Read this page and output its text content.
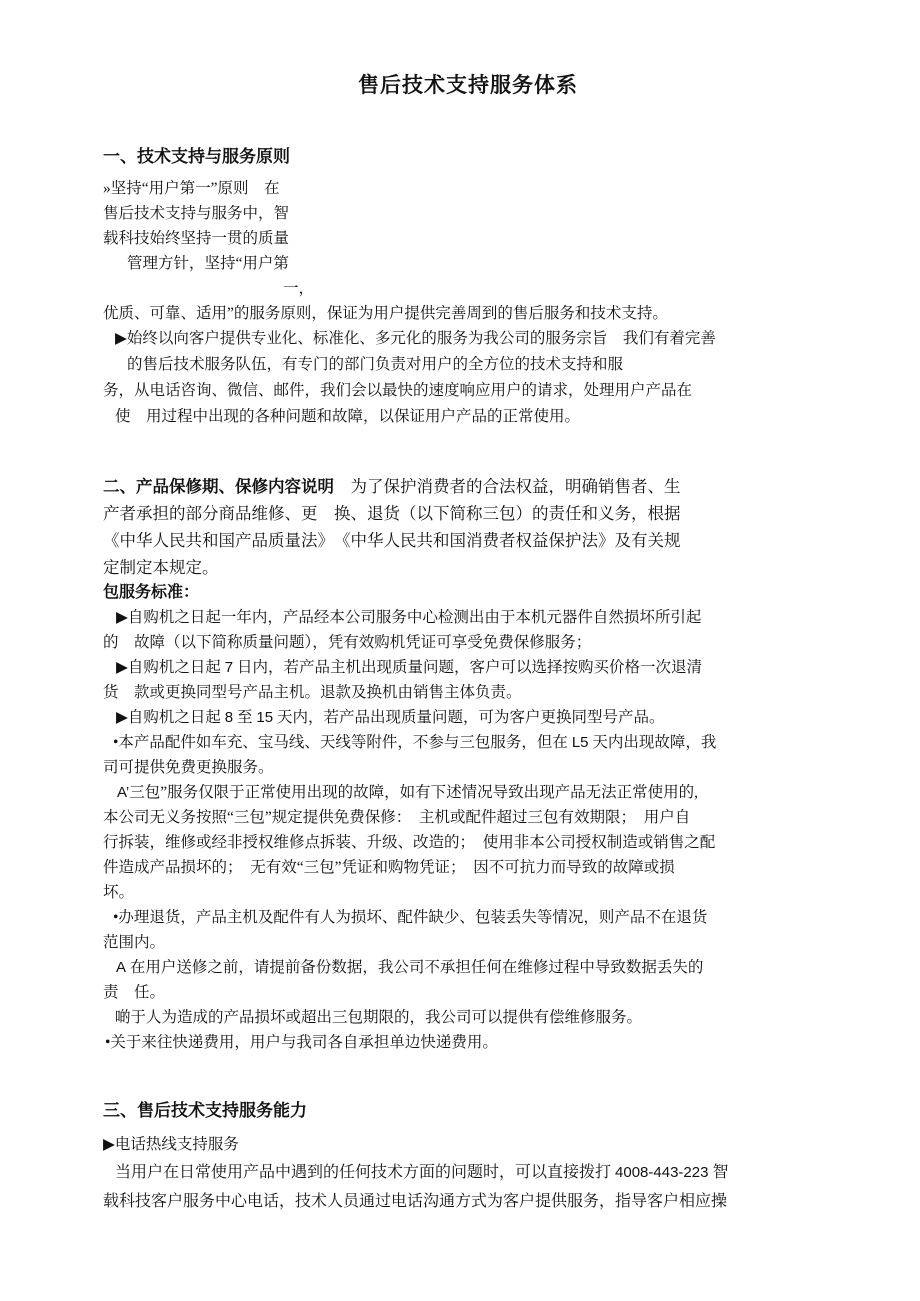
售后技术支持服务体系
一、技术支持与服务原则
»坚持“用户第一”原则　在
售后技术支持与服务中，智
载科技始终坚持一贯的质量
管理方针，坚持“用户第
一，
优质、可靠、适用”的服务原则，保证为用户提供完善周到的售后服务和技术支持。
▶始终以向客户提供专业化、标准化、多元化的服务为我公司的服务宗旨　我们有着完善
的售后技术服务队伍，有专门的部门负责对用户的全方位的技术支持和服
务，从电话咨询、微信、邮件，我们会以最快的速度响应用户的请求，处理用户产品在
使　用过程中出现的各种问题和故障，以保证用户产品的正常使用。
二、产品保修期、保修内容说明　为了保护消费者的合法权益，明确销售者、生
产者承担的部分商品维修、更　换、退货（以下简称三包）的责任和义务，根据
《中华人民共和国产品质量法》　《中华人民共和国消费者权益保护法》及有关规
定制定本规定。
包服务标准：
▶自购机之日起一年内，产品经本公司服务中心检测出由于本机元器件自然损坏所引起
的　故障（以下简称质量问题），凭有效购机凭证可享受免费保修服务；
▶自购机之日起 7 日内，若产品主机出现质量问题，客户可以选择按购买价格一次退清
货　款或更换同型号产品主机。退款及换机由销售主体负责。
▶自购机之日起 8 至 15 天内，若产品出现质量问题，可为客户更换同型号产品。
•本产品配件如车充、宝马线、天线等附件，不参与三包服务，但在 L5 天内出现故障，我
司可提供免费更换服务。
A’三包”服务仅限于正常使用出现的故障，如有下述情况导致出现产品无法正常使用的,
本公司无义务按照“三包”规定提供免费保修：　主机或配件超过三包有效期限；　用户自
行拆装，维修或经非授权维修点拆装、升级、改造的；　使用非本公司授权制造或销售之配
件造成产品损坏的；　无有效“三包”凭证和购物凭证；　因不可抗力而导致的故障或损
坏。
•办理退货，产品主机及配件有人为损坏、配件缺少、包装丢失等情况，则产品不在退货
范围内。
A 在用户送修之前，请提前备份数据，我公司不承担任何在维修过程中导致数据丢失的
责　任。
啲于人为造成的产品损坏或超出三包期限的，我公司可以提供有偿维修服务。
•关于来往快递费用，用户与我司各自承担单边快递费用。
三、售后技术支持服务能力
▶电话热线支持服务
当用户在日常使用产品中遇到的任何技术方面的问题时，可以直接拨打 4008-443-223 智
载科技客户服务中心电话，技术人员通过电话沟通方式为客户提供服务，指导客户相应操
